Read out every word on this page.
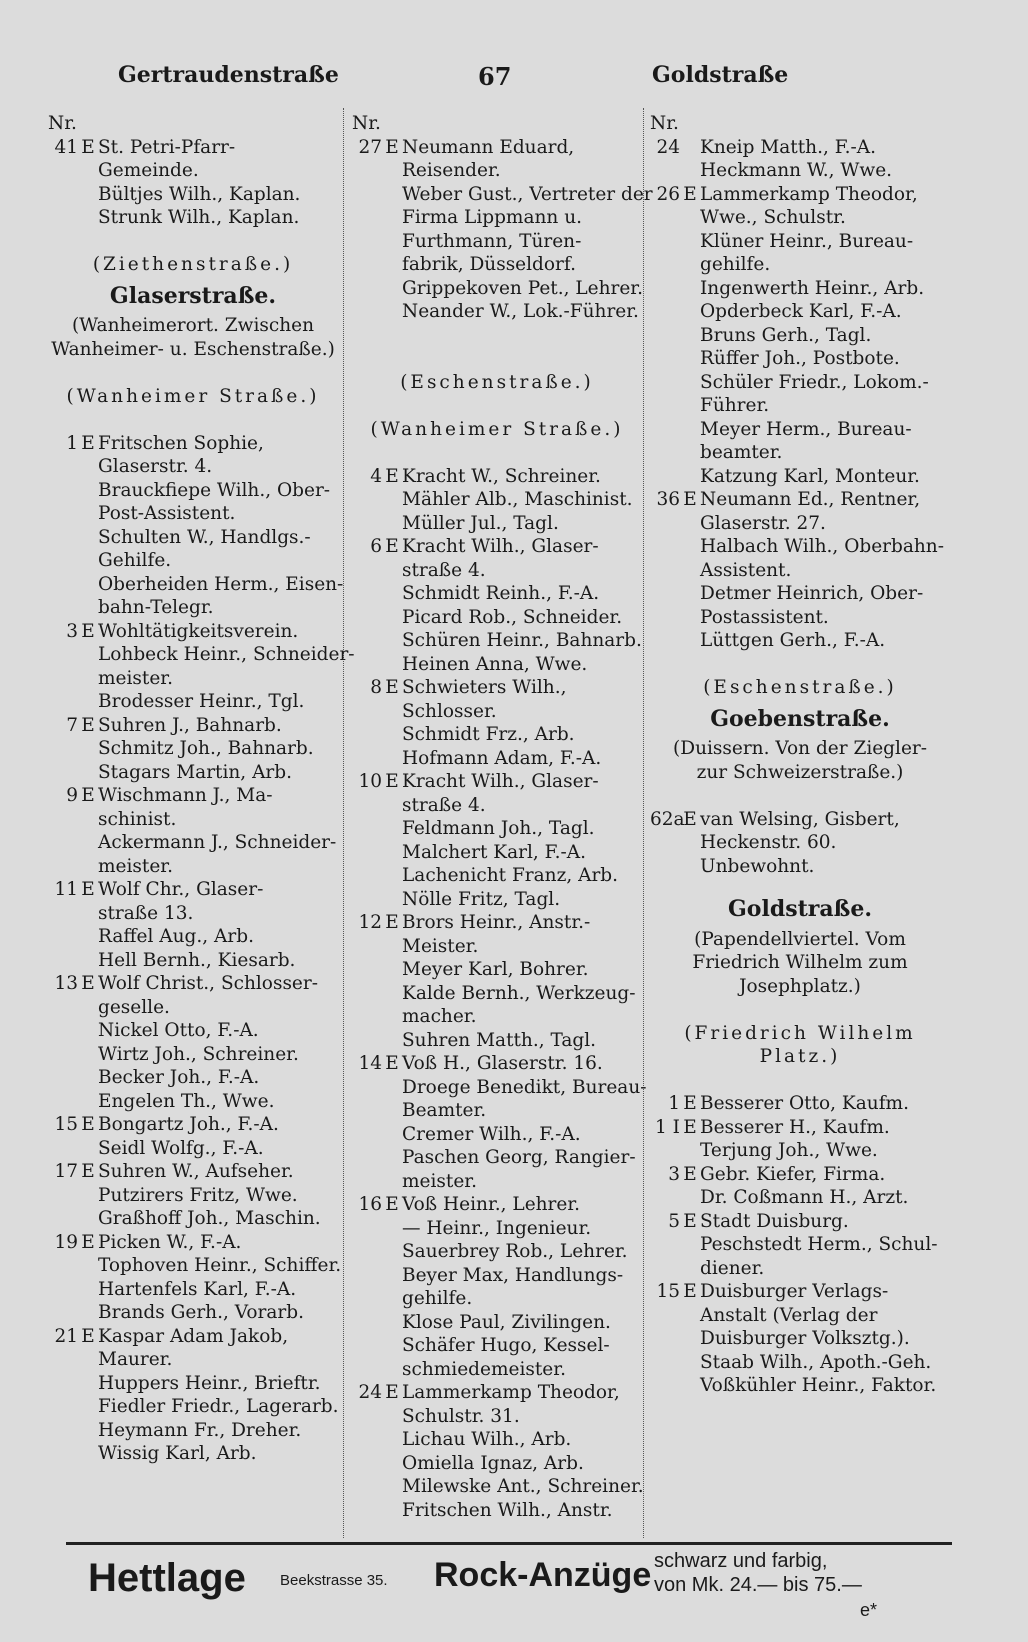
Gertraudenstraße	67	Goldstraße
Nr.
41 E St. Petri-Pfarr-
Gemeinde.
Bültjes Wilh., Kaplan.
Strunk Wilh., Kaplan.
(Ziethenstraße.)
Glaserstraße.
(Wanheimerort. Zwischen
Wanheimer- u. Eschenstraße.)
(Wanheimer Straße.)
1 E Fritschen Sophie,
Glaserstr. 4.
Brauckfiepe Wilh., Ober-
Post-Assistent.
Schulten W., Handlgs.-
Gehilfe.
Oberheiden Herm., Eisen-
bahn-Telegr.
3 E Wohltätigkeitsverein.
Lohbeck Heinr., Schneider-
meister.
Brodesser Heinr., Tgl.
7 E Suhren J., Bahnarb.
Schmitz Joh., Bahnarb.
Stagars Martin, Arb.
9 E Wischmann J., Ma-
schinist.
Ackermann J., Schneider-
meister.
11 E Wolf Chr., Glaser-
straße 13.
Raffel Aug., Arb.
Hell Bernh., Kiesarb.
13 E Wolf Christ., Schlosser-
geselle.
Nickel Otto, F.-A.
Wirtz Joh., Schreiner.
Becker Joh., F.-A.
Engelen Th., Wwe.
15 E Bongartz Joh., F.-A.
Seidl Wolfg., F.-A.
17 E Suhren W., Aufseher.
Putzirers Fritz, Wwe.
Graßhoff Joh., Maschin.
19 E Picken W., F.-A.
Tophoven Heinr., Schiffer.
Hartenfels Karl, F.-A.
Brands Gerh., Vorarb.
21 E Kaspar Adam Jakob,
Maurer.
Huppers Heinr., Brieftr.
Fiedler Friedr., Lagerarb.
Heymann Fr., Dreher.
Wissig Karl, Arb.
Nr.
27 E Neumann Eduard,
Reisender.
Weber Gust., Vertreter der
Firma Lippmann u.
Furthmann, Türen-
fabrik, Düsseldorf.
Grippekoven Pet., Lehrer.
Neander W., Lok.-Führer.
(Eschenstraße.)
(Wanheimer Straße.)
4 E Kracht W., Schreiner.
Mähler Alb., Maschinist.
Müller Jul., Tagl.
6 E Kracht Wilh., Glaser-
straße 4.
Schmidt Reinh., F.-A.
Picard Rob., Schneider.
Schüren Heinr., Bahnarb.
Heinen Anna, Wwe.
8 E Schwieters Wilh.,
Schlosser.
Schmidt Frz., Arb.
Hofmann Adam, F.-A.
10 E Kracht Wilh., Glaser-
straße 4.
Feldmann Joh., Tagl.
Malchert Karl, F.-A.
Lachenicht Franz, Arb.
Nölle Fritz, Tagl.
12 E Brors Heinr., Anstr.-
Meister.
Meyer Karl, Bohrer.
Kalde Bernh., Werkzeug-
macher.
Suhren Matth., Tagl.
14 E Voß H., Glaserstr. 16.
Droege Benedikt, Bureau-
Beamter.
Cremer Wilh., F.-A.
Paschen Georg, Rangier-
meister.
16 E Voß Heinr., Lehrer.
— Heinr., Ingenieur.
Sauerbrey Rob., Lehrer.
Beyer Max, Handlungs-
gehilfe.
Klose Paul, Zivilingen.
Schäfer Hugo, Kessel-
schmiedemeister.
24 E Lammerkamp Theodor,
Schulstr. 31.
Lichau Wilh., Arb.
Omiella Ignaz, Arb.
Milewske Ant., Schreiner.
Fritschen Wilh., Anstr.
Nr.
24 Kneip Matth., F.-A.
Heckmann W., Wwe.
26 E Lammerkamp Theodor,
Wwe., Schulstr.
Klüner Heinr., Bureau-
gehilfe.
Ingenwerth Heinr., Arb.
Opderbeck Karl, F.-A.
Bruns Gerh., Tagl.
Rüffer Joh., Postbote.
Schüler Friedr., Lokom.-
Führer.
Meyer Herm., Bureau-
beamter.
Katzung Karl, Monteur.
36 E Neumann Ed., Rentner,
Glaserstr. 27.
Halbach Wilh., Oberbahn-
Assistent.
Detmer Heinrich, Ober-
Postassistent.
Lüttgen Gerh., F.-A.
(Eschenstraße.)
Goebenstraße.
(Duissern. Von der Ziegler-
zur Schweizerstraße.)
62a
E van Welsing, Gisbert,
Heckenstr. 60.
Unbewohnt.
Goldstraße.
(Papendellviertel. Vom
Friedrich Wilhelm zum
Josephplatz.)
(Friedrich Wilhelm
Platz.)
1 E Besserer Otto, Kaufm.
1 I E Besserer H., Kaufm.
Terjung Joh., Wwe.
3 E Gebr. Kiefer, Firma.
Dr. Coßmann H., Arzt.
5 E Stadt Duisburg.
Peschstedt Herm., Schul-
diener.
15 E Duisburger Verlags-
Anstalt (Verlag der
Duisburger Volksztg.).
Staab Wilh., Apoth.-Geh.
Voßkühler Heinr., Faktor.
Hettlage Beekstrasse 35. Rock-Anzüge schwarz und farbig,
von Mk. 24.— bis 75.—
e*
